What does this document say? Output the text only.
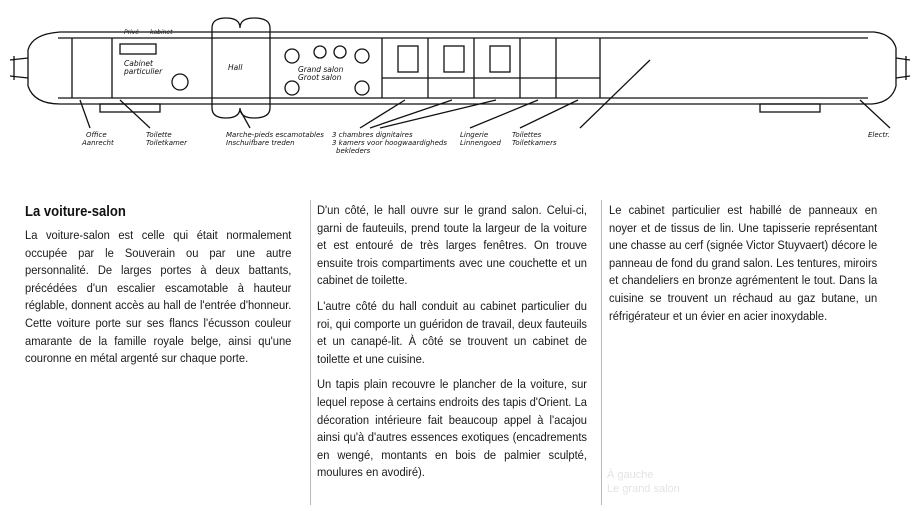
Cabinet
particulier
Privé- kabinet
Hall	Grand salon
Groot salon
Office
Aanrecht
Toilette
Toiletkamer
Marche-pieds escamotables
Inschuifbare treden
3 chambres dignitaires
3 kamers voor hoogwaardigheds
bekleders
Lingerie
Linnengoed
Toilettes
Toiletkamers
Electr.
La voiture-salon

La voiture-salon est celle qui était normalement occupée par le Souverain ou par une autre personnalité. De larges portes à deux battants, précédées d'un escalier escamotable à hauteur réglable, donnent accès au hall de l'entrée d'honneur. Cette voiture porte sur ses flancs l'écusson couleur amarante de la famille royale belge, ainsi qu'une couronne en métal argenté sur chaque porte.

D'un côté, le hall ouvre sur le grand salon. Celui-ci, garni de fauteuils, prend toute la largeur de la voiture et est entouré de très larges fenêtres. On trouve ensuite trois compartiments avec une couchette et un cabinet de toilette.

L'autre côté du hall conduit au cabinet particulier du roi, qui comporte un guéridon de travail, deux fauteuils et un canapé-lit. À côté se trouvent un cabinet de toilette et une cuisine.

Un tapis plain recouvre le plancher de la voiture, sur lequel repose à certains endroits des tapis d'Orient. La décoration intérieure fait beaucoup appel à l'acajou ainsi qu'à d'autres essences exotiques (encadrements en wengé, montants en bois de palmier sculpté, moulures en avodiré).

Le cabinet particulier est habillé de panneaux en noyer et de tissus de lin. Une tapisserie représentant une chasse au cerf (signée Victor Stuyvaert) décore le panneau de fond du grand salon. Les tentures, miroirs et chandeliers en bronze agrémentent le tout. Dans la cuisine se trouvent un réchaud au gaz butane, un réfrigérateur et un évier en acier inoxydable.

À gauche
Le grand salon
